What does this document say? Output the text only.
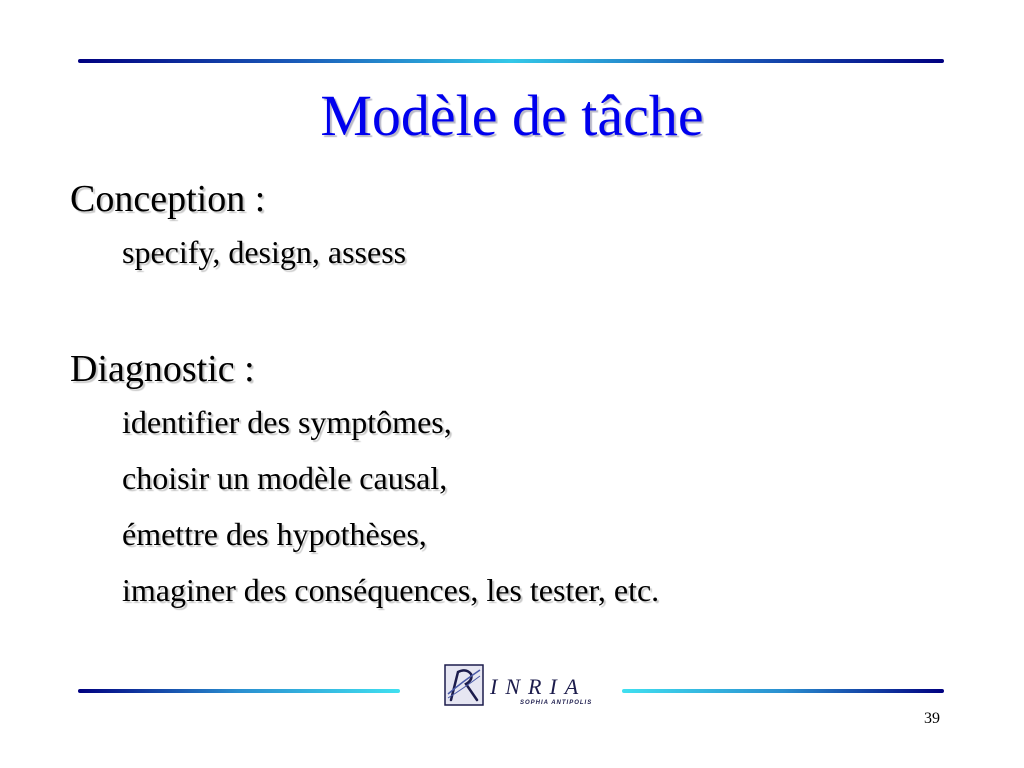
Modèle de tâche

Conception :

specify, design, assess

Diagnostic :

identifier des symptômes,

choisir un modèle causal,

émettre des hypothèses,

imaginer des conséquences, les tester, etc.

INRIA
SOPHIA ANTIPOLIS
39
